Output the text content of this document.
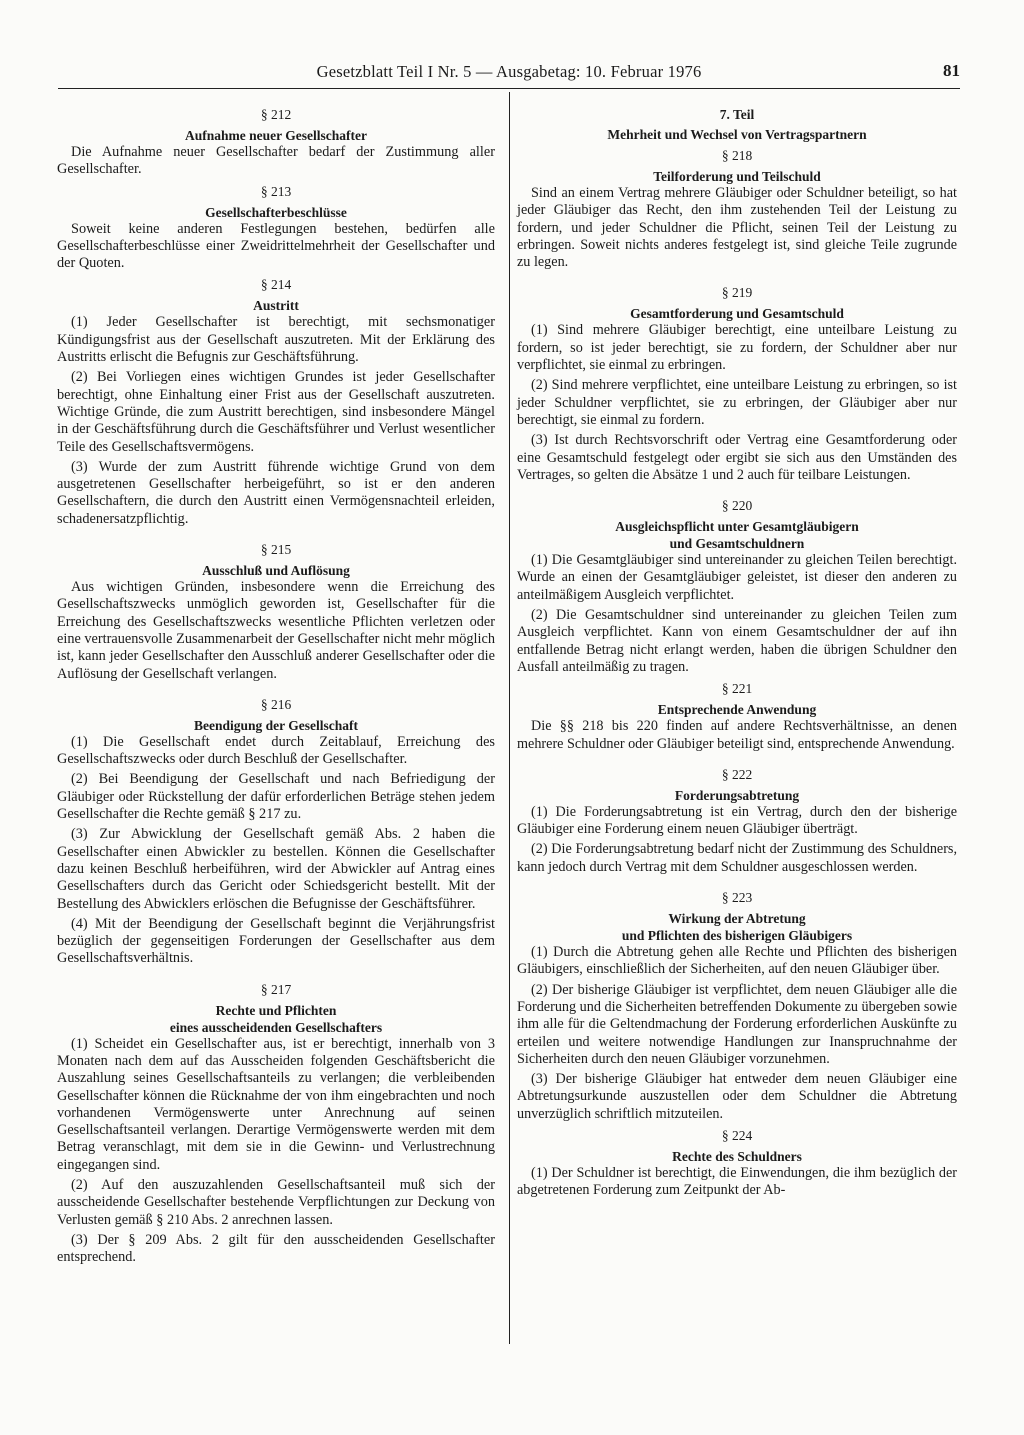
Gesetzblatt Teil I Nr. 5 — Ausgabetag: 10. Februar 1976	81
§ 212
Aufnahme neuer Gesellschafter

Die Aufnahme neuer Gesellschafter bedarf der Zustimmung aller Gesellschafter.

§ 213
Gesellschafterbeschlüsse

Soweit keine anderen Festlegungen bestehen, bedürfen alle Gesellschafterbeschlüsse einer Zweidrittelmehrheit der Gesellschafter und der Quoten.

§ 214
Austritt

(1) Jeder Gesellschafter ist berechtigt, mit sechsmonatiger Kündigungsfrist aus der Gesellschaft auszutreten. Mit der Erklärung des Austritts erlischt die Befugnis zur Geschäftsführung.

(2) Bei Vorliegen eines wichtigen Grundes ist jeder Gesellschafter berechtigt, ohne Einhaltung einer Frist aus der Gesellschaft auszutreten. Wichtige Gründe, die zum Austritt berechtigen, sind insbesondere Mängel in der Geschäftsführung durch die Geschäftsführer und Verlust wesentlicher Teile des Gesellschaftsvermögens.

(3) Wurde der zum Austritt führende wichtige Grund von dem ausgetretenen Gesellschafter herbeigeführt, so ist er den anderen Gesellschaftern, die durch den Austritt einen Vermögensnachteil erleiden, schadenersatzpflichtig.

§ 215
Ausschluß und Auflösung

Aus wichtigen Gründen, insbesondere wenn die Erreichung des Gesellschaftszwecks unmöglich geworden ist, Gesellschafter für die Erreichung des Gesellschaftszwecks wesentliche Pflichten verletzen oder eine vertrauensvolle Zusammenarbeit der Gesellschafter nicht mehr möglich ist, kann jeder Gesellschafter den Ausschluß anderer Gesellschafter oder die Auflösung der Gesellschaft verlangen.

§ 216
Beendigung der Gesellschaft

(1) Die Gesellschaft endet durch Zeitablauf, Erreichung des Gesellschaftszwecks oder durch Beschluß der Gesellschafter.

(2) Bei Beendigung der Gesellschaft und nach Befriedigung der Gläubiger oder Rückstellung der dafür erforderlichen Beträge stehen jedem Gesellschafter die Rechte gemäß § 217 zu.

(3) Zur Abwicklung der Gesellschaft gemäß Abs. 2 haben die Gesellschafter einen Abwickler zu bestellen. Können die Gesellschafter dazu keinen Beschluß herbeiführen, wird der Abwickler auf Antrag eines Gesellschafters durch das Gericht oder Schiedsgericht bestellt. Mit der Bestellung des Abwicklers erlöschen die Befugnisse der Geschäftsführer.

(4) Mit der Beendigung der Gesellschaft beginnt die Verjährungsfrist bezüglich der gegenseitigen Forderungen der Gesellschafter aus dem Gesellschaftsverhältnis.

§ 217
Rechte und Pflichten
eines ausscheidenden Gesellschafters

(1) Scheidet ein Gesellschafter aus, ist er berechtigt, innerhalb von 3 Monaten nach dem auf das Ausscheiden folgenden Geschäftsbericht die Auszahlung seines Gesellschaftsanteils zu verlangen; die verbleibenden Gesellschafter können die Rücknahme der von ihm eingebrachten und noch vorhandenen Vermögenswerte unter Anrechnung auf seinen Gesellschaftsanteil verlangen. Derartige Vermögenswerte werden mit dem Betrag veranschlagt, mit dem sie in die Gewinn- und Verlustrechnung eingegangen sind.

(2) Auf den auszuzahlenden Gesellschaftsanteil muß sich der ausscheidende Gesellschafter bestehende Verpflichtungen zur Deckung von Verlusten gemäß § 210 Abs. 2 anrechnen lassen.

(3) Der § 209 Abs. 2 gilt für den ausscheidenden Gesellschafter entsprechend.

7. Teil
Mehrheit und Wechsel von Vertragspartnern
§ 218
Teilforderung und Teilschuld

Sind an einem Vertrag mehrere Gläubiger oder Schuldner beteiligt, so hat jeder Gläubiger das Recht, den ihm zustehenden Teil der Leistung zu fordern, und jeder Schuldner die Pflicht, seinen Teil der Leistung zu erbringen. Soweit nichts anderes festgelegt ist, sind gleiche Teile zugrunde zu legen.

§ 219
Gesamtforderung und Gesamtschuld

(1) Sind mehrere Gläubiger berechtigt, eine unteilbare Leistung zu fordern, so ist jeder berechtigt, sie zu fordern, der Schuldner aber nur verpflichtet, sie einmal zu erbringen.

(2) Sind mehrere verpflichtet, eine unteilbare Leistung zu erbringen, so ist jeder Schuldner verpflichtet, sie zu erbringen, der Gläubiger aber nur berechtigt, sie einmal zu fordern.

(3) Ist durch Rechtsvorschrift oder Vertrag eine Gesamtforderung oder eine Gesamtschuld festgelegt oder ergibt sie sich aus den Umständen des Vertrages, so gelten die Absätze 1 und 2 auch für teilbare Leistungen.

§ 220
Ausgleichspflicht unter Gesamtgläubigern
und Gesamtschuldnern

(1) Die Gesamtgläubiger sind untereinander zu gleichen Teilen berechtigt. Wurde an einen der Gesamtgläubiger geleistet, ist dieser den anderen zu anteilmäßigem Ausgleich verpflichtet.

(2) Die Gesamtschuldner sind untereinander zu gleichen Teilen zum Ausgleich verpflichtet. Kann von einem Gesamtschuldner der auf ihn entfallende Betrag nicht erlangt werden, haben die übrigen Schuldner den Ausfall anteilmäßig zu tragen.

§ 221
Entsprechende Anwendung

Die §§ 218 bis 220 finden auf andere Rechtsverhältnisse, an denen mehrere Schuldner oder Gläubiger beteiligt sind, entsprechende Anwendung.

§ 222
Forderungsabtretung

(1) Die Forderungsabtretung ist ein Vertrag, durch den der bisherige Gläubiger eine Forderung einem neuen Gläubiger überträgt.

(2) Die Forderungsabtretung bedarf nicht der Zustimmung des Schuldners, kann jedoch durch Vertrag mit dem Schuldner ausgeschlossen werden.

§ 223
Wirkung der Abtretung
und Pflichten des bisherigen Gläubigers

(1) Durch die Abtretung gehen alle Rechte und Pflichten des bisherigen Gläubigers, einschließlich der Sicherheiten, auf den neuen Gläubiger über.

(2) Der bisherige Gläubiger ist verpflichtet, dem neuen Gläubiger alle die Forderung und die Sicherheiten betreffenden Dokumente zu übergeben sowie ihm alle für die Geltendmachung der Forderung erforderlichen Auskünfte zu erteilen und weitere notwendige Handlungen zur Inanspruchnahme der Sicherheiten durch den neuen Gläubiger vorzunehmen.

(3) Der bisherige Gläubiger hat entweder dem neuen Gläubiger eine Abtretungsurkunde auszustellen oder dem Schuldner die Abtretung unverzüglich schriftlich mitzuteilen.

§ 224
Rechte des Schuldners

(1) Der Schuldner ist berechtigt, die Einwendungen, die ihm bezüglich der abgetretenen Forderung zum Zeitpunkt der Ab-
